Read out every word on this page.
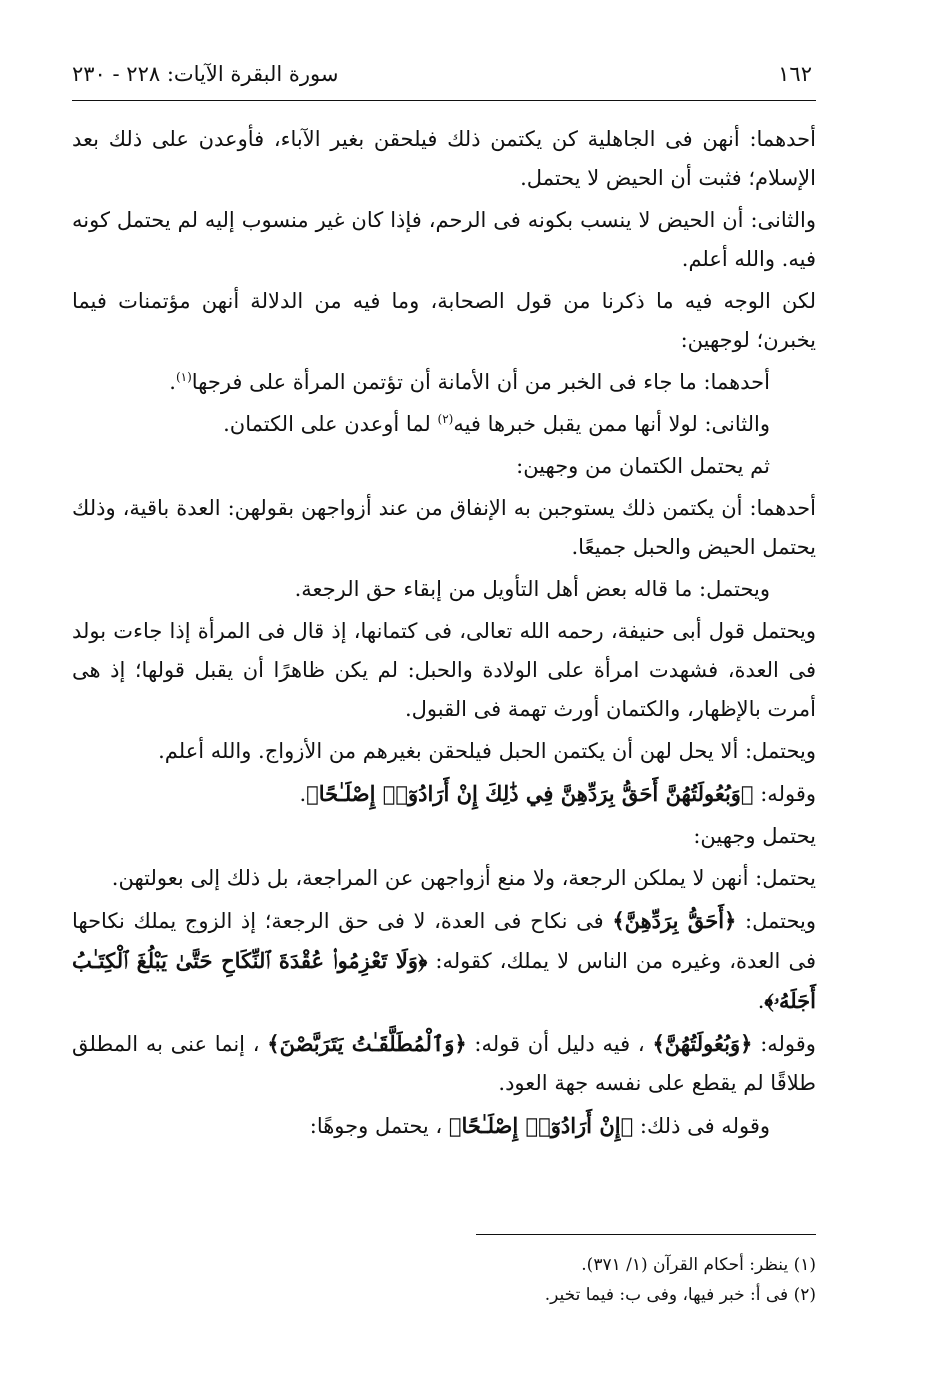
١٦٢
سورة البقرة الآيات: ٢٢٨ - ٢٣٠

أحدهما: أنهن فى الجاهلية كن يكتمن ذلك فيلحقن بغير الآباء، فأوعدن على ذلك بعد الإسلام؛ فثبت أن الحيض لا يحتمل.

والثانى: أن الحيض لا ينسب بكونه فى الرحم، فإذا كان غير منسوب إليه لم يحتمل كونه فيه. والله أعلم.

لكن الوجه فيه ما ذكرنا من قول الصحابة، وما فيه من الدلالة أنهن مؤتمنات فيما يخبرن؛ لوجهين:

أحدهما: ما جاء فى الخبر من أن الأمانة أن تؤتمن المرأة على فرجها$^{(١)}$.

والثانى: لولا أنها ممن يقبل خبرها فيه$^{(٢)}$ لما أوعدن على الكتمان.

ثم يحتمل الكتمان من وجهين:

أحدهما: أن يكتمن ذلك يستوجبن به الإنفاق من عند أزواجهن بقولهن: العدة باقية، وذلك يحتمل الحيض والحبل جميعًا.

ويحتمل: ما قاله بعض أهل التأويل من إبقاء حق الرجعة.

ويحتمل قول أبى حنيفة، رحمه الله تعالى، فى كتمانها، إذ قال فى المرأة إذا جاءت بولد فى العدة، فشهدت امرأة على الولادة والحبل: لم يكن ظاهرًا أن يقبل قولها؛ إذ هى أمرت بالإظهار، والكتمان أورث تهمة فى القبول.

ويحتمل: ألا يحل لهن أن يكتمن الحبل فيلحقن بغيرهم من الأزواج. والله أعلم.

وقوله: ﴿وَبُعُولَتُهُنَّ أَحَقُّ بِرَدِّهِنَّ فِي ذَٰلِكَ إِنْ أَرَادُوٓا۟ إِصْلَـٰحًا﴾.

يحتمل وجهين:

يحتمل: أنهن لا يملكن الرجعة، ولا منع أزواجهن عن المراجعة، بل ذلك إلى بعولتهن.

ويحتمل: ﴿أَحَقُّ بِرَدِّهِنَّ﴾ فى نكاح فى العدة، لا فى حق الرجعة؛ إذ الزوج يملك نكاحها فى العدة، وغيره من الناس لا يملك، كقوله: ﴿وَلَا تَعْزِمُوا۟ عُقْدَةَ ٱلنِّكَاحِ حَتَّىٰ يَبْلُغَ ٱلْكِتَـٰبُ أَجَلَهُۥ﴾.

وقوله: ﴿وَبُعُولَتُهُنَّ﴾ ، فيه دليل أن قوله: ﴿وَٱلْمُطَلَّقَـٰتُ يَتَرَبَّصْنَ﴾ ، إنما عنى به المطلق طلاقًا لم يقطع على نفسه جهة العود.

وقوله فى ذلك: ﴿إِنْ أَرَادُوٓا۟ إِصْلَـٰحًا﴾ ، يحتمل وجوهًا:

(١) ينظر: أحكام القرآن (١/ ٣٧١).

(٢) فى أ: خبر فيها، وفى ب: فيما تخير.
